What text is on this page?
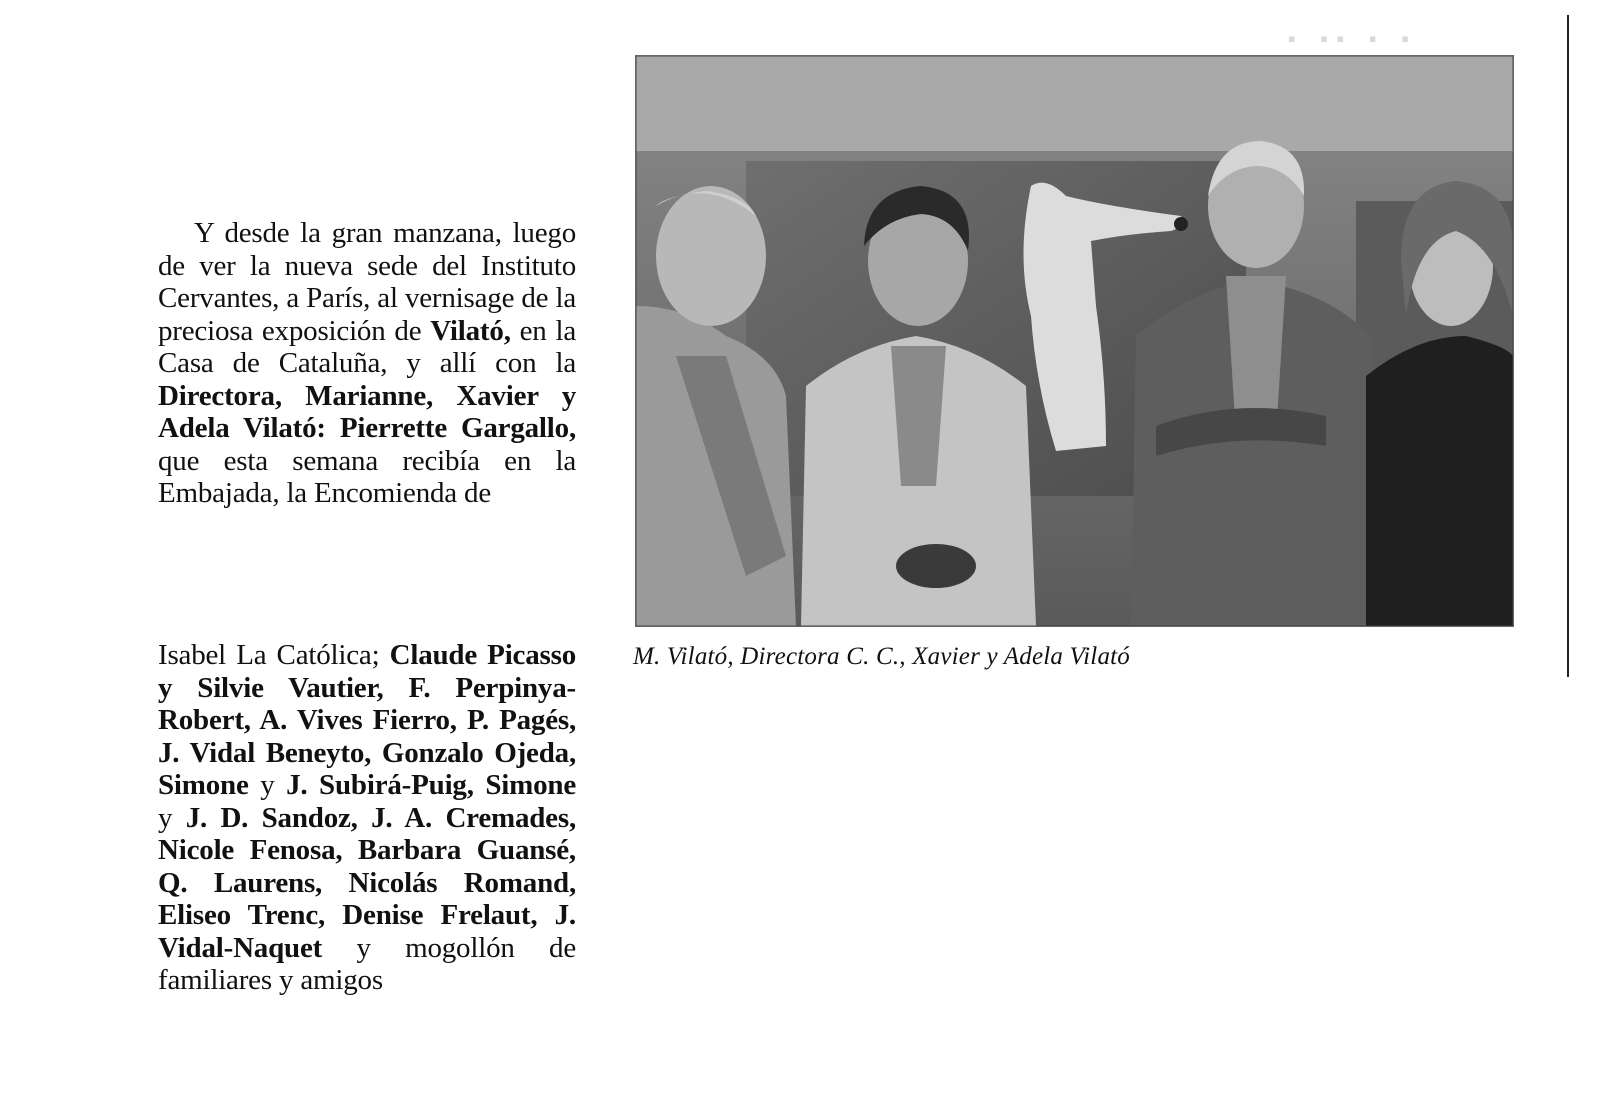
▪ ▪▪ ▪ ▪

Y desde la gran manzana, luego de ver la nueva sede del Instituto Cervantes, a París, al vernisage de la preciosa exposición de Vilató, en la Casa de Cataluña, y allí con la Directora, Marianne, Xavier y Adela Vilató: Pierrette Gargallo, que esta semana recibía en la Embajada, la Encomienda de

Isabel La Católica; Claude Picasso y Silvie Vautier, F. Perpinya-Robert, A. Vives Fierro, P. Pagés, J. Vidal Beneyto, Gonzalo Ojeda, Simone y J. Subirá-Puig, Simone y J. D. Sandoz, J. A. Cremades, Nicole Fenosa, Barbara Guansé, Q. Laurens, Nicolás Romand, Eliseo Trenc, Denise Frelaut, J. Vidal-Naquet y mogollón de familiares y amigos

M. Vilató, Directora C. C., Xavier y Adela Vilató
